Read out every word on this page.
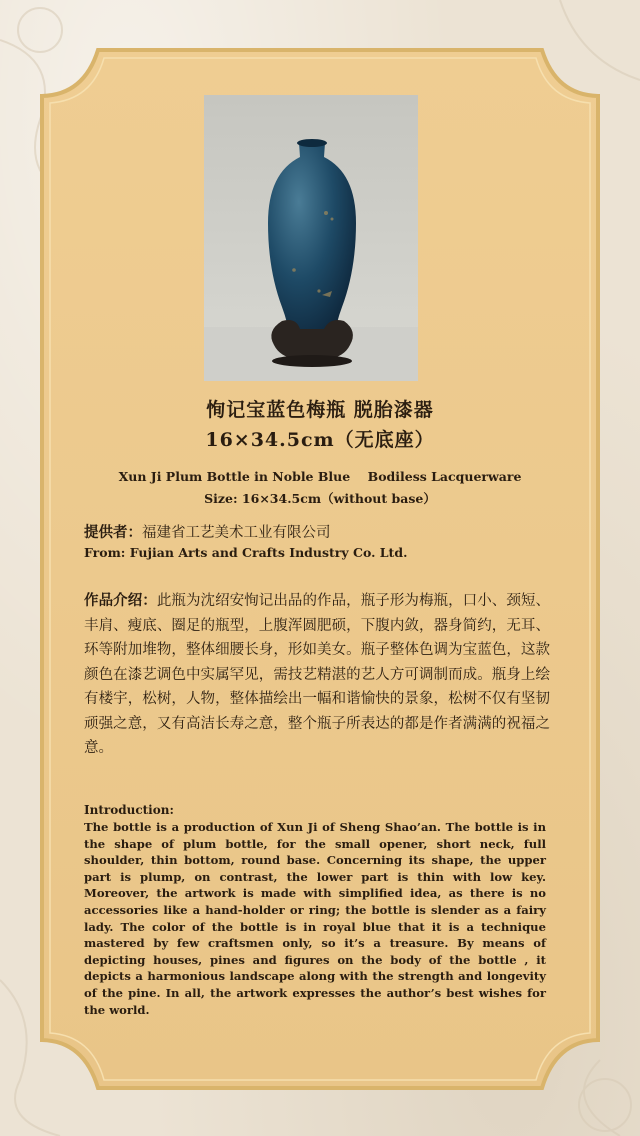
恂记宝蓝色梅瓶 脱胎漆器
16×34.5cm（无底座）
Xun Ji Plum Bottle in Noble Blue    Bodiless Lacquerware
Size: 16×34.5cm（without base）
提供者：福建省工艺美术工业有限公司
From: Fujian Arts and Crafts Industry Co. Ltd.
作品介绍：此瓶为沈绍安恂记出品的作品，瓶子形为梅瓶，口小、颈短、丰肩、瘦底、圈足的瓶型，上腹浑圆肥硕，下腹内敛，器身简约，无耳、环等附加堆物，整体细腰长身，形如美女。瓶子整体色调为宝蓝色，这款颜色在漆艺调色中实属罕见，需技艺精湛的艺人方可调制而成。瓶身上绘有楼宇，松树，人物，整体描绘出一幅和谐愉快的景象，松树不仅有坚韧顽强之意，又有高洁长寿之意，整个瓶子所表达的都是作者满满的祝福之意。
Introduction:
The bottle is a production of Xun Ji of Sheng Shao’an. The bottle is in the shape of plum bottle, for the small opener, short neck, full shoulder, thin bottom, round base. Concerning its shape, the upper part is plump, on contrast, the lower part is thin with low key. Moreover, the artwork is made with simplified idea, as there is no accessories like a hand-holder or ring; the bottle is slender as a fairy lady. The color of the bottle is in royal blue that it is a technique mastered by few craftsmen only, so it’s a treasure. By means of depicting houses, pines and figures on the body of the bottle , it depicts a harmonious landscape along with the strength and longevity of the pine. In all, the artwork expresses the author’s best wishes for the world.
